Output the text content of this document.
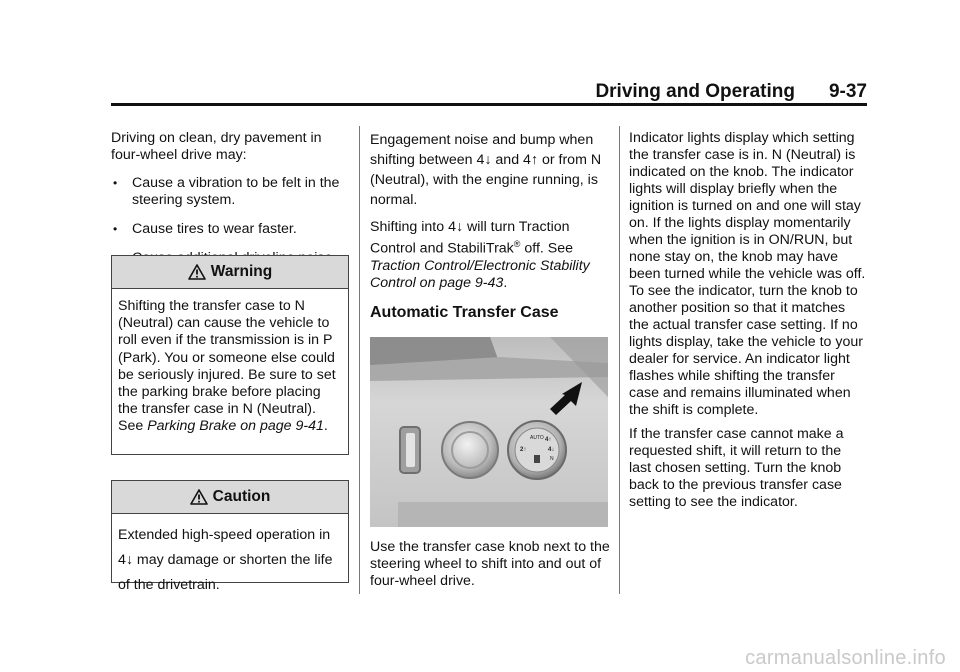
Driving and Operating 9-37

Driving on clean, dry pavement in four-wheel drive may:

• Cause a vibration to be felt in the steering system.
• Cause tires to wear faster.
Warning
Shifting the transfer case to N (Neutral) can cause the vehicle to roll even if the transmission is in P (Park). You or someone else could be seriously injured. Be sure to set the parking brake before placing the transfer case in N (Neutral). See Parking Brake on page 9-41.
Caution
Extended high-speed operation in 4↓ may damage or shorten the life of the drivetrain.

Engagement noise and bump when shifting between 4↓ and 4↑ or from N (Neutral), with the engine running, is normal.

Shifting into 4↓ will turn Traction Control and StabiliTrak® off. See Traction Control/Electronic Stability Control on page 9-43.

Automatic Transfer Case

AUTO 4↑
2↑	4↓
N

Use the transfer case knob next to the steering wheel to shift into and out of four-wheel drive.

Indicator lights display which setting the transfer case is in. N (Neutral) is indicated on the knob. The indicator lights will display briefly when the ignition is turned on and one will stay on. If the lights display momentarily when the ignition is in ON/RUN, but none stay on, the knob may have been turned while the vehicle was off. To see the indicator, turn the knob to another position so that it matches the actual transfer case setting. If no lights display, take the vehicle to your dealer for service. An indicator light flashes while shifting the transfer case and remains illuminated when the shift is complete.

If the transfer case cannot make a requested shift, it will return to the last chosen setting. Turn the knob back to the previous transfer case setting to see the indicator.

carmanualsonline.info
